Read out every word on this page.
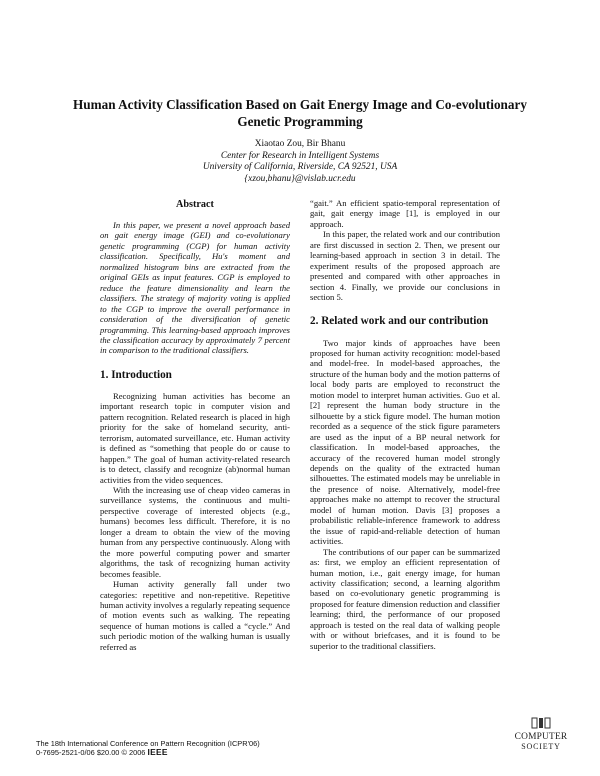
Human Activity Classification Based on Gait Energy Image and Co-evolutionary Genetic Programming
Xiaotao Zou, Bir Bhanu
Center for Research in Intelligent Systems
University of California, Riverside, CA 92521, USA
{xzou,bhanu}@vislab.ucr.edu
Abstract

In this paper, we present a novel approach based on gait energy image (GEI) and co-evolutionary genetic programming (CGP) for human activity classification. Specifically, Hu's moment and normalized histogram bins are extracted from the original GEIs as input features. CGP is employed to reduce the feature dimensionality and learn the classifiers. The strategy of majority voting is applied to the CGP to improve the overall performance in consideration of the diversification of genetic programming. This learning-based approach improves the classification accuracy by approximately 7 percent in comparison to the traditional classifiers.

1. Introduction

Recognizing human activities has become an important research topic in computer vision and pattern recognition. Related research is placed in high priority for the sake of homeland security, anti-terrorism, automated surveillance, etc. Human activity is defined as “something that people do or cause to happen.” The goal of human activity-related research is to detect, classify and recognize (ab)normal human activities from the video sequences.

With the increasing use of cheap video cameras in surveillance systems, the continuous and multi-perspective coverage of interested objects (e.g., humans) becomes less difficult. Therefore, it is no longer a dream to obtain the view of the moving human from any perspective continuously. Along with the more powerful computing power and smarter algorithms, the task of recognizing human activity becomes feasible.

Human activity generally fall under two categories: repetitive and non-repetitive. Repetitive human activity involves a regularly repeating sequence of motion events such as walking. The repeating sequence of human motions is called a “cycle.” And such periodic motion of the walking human is usually referred as

“gait.” An efficient spatio-temporal representation of gait, gait energy image [1], is employed in our approach.

In this paper, the related work and our contribution are first discussed in section 2. Then, we present our learning-based approach in section 3 in detail. The experiment results of the proposed approach are presented and compared with other approaches in section 4. Finally, we provide our conclusions in section 5.

2. Related work and our contribution

Two major kinds of approaches have been proposed for human activity recognition: model-based and model-free. In model-based approaches, the structure of the human body and the motion patterns of local body parts are employed to reconstruct the motion model to interpret human activities. Guo et al. [2] represent the human body structure in the silhouette by a stick figure model. The human motion recorded as a sequence of the stick figure parameters are used as the input of a BP neural network for classification. In model-based approaches, the accuracy of the recovered human model strongly depends on the quality of the extracted human silhouettes. The estimated models may be unreliable in the presence of noise. Alternatively, model-free approaches make no attempt to recover the structural model of human motion. Davis [3] proposes a probabilistic reliable-inference framework to address the issue of rapid-and-reliable detection of human activities.

The contributions of our paper can be summarized as: first, we employ an efficient representation of human motion, i.e., gait energy image, for human activity classification; second, a learning algorithm based on co-evolutionary genetic programming is proposed for feature dimension reduction and classifier learning; third, the performance of our proposed approach is tested on the real data of walking people with or without briefcases, and it is found to be superior to the traditional classifiers.

The 18th International Conference on Pattern Recognition (ICPR'06)
0-7695-2521-0/06 $20.00 © 2006 IEEE
COMPUTER
SOCIETY
